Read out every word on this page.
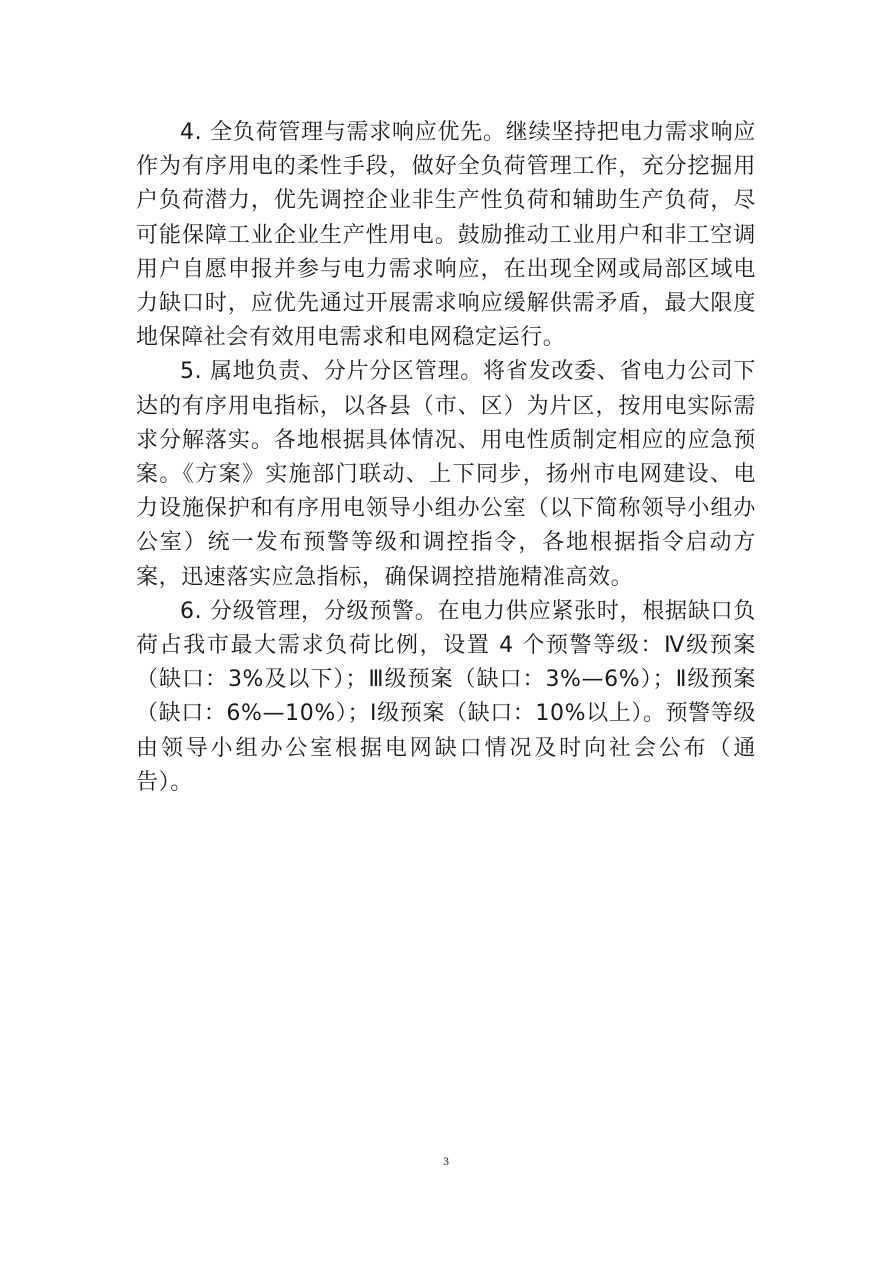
4. 全负荷管理与需求响应优先。继续坚持把电力需求响应作为有序用电的柔性手段，做好全负荷管理工作，充分挖掘用户负荷潜力，优先调控企业非生产性负荷和辅助生产负荷，尽可能保障工业企业生产性用电。鼓励推动工业用户和非工空调用户自愿申报并参与电力需求响应，在出现全网或局部区域电力缺口时，应优先通过开展需求响应缓解供需矛盾，最大限度地保障社会有效用电需求和电网稳定运行。

5. 属地负责、分片分区管理。将省发改委、省电力公司下达的有序用电指标，以各县（市、区）为片区，按用电实际需求分解落实。各地根据具体情况、用电性质制定相应的应急预案。《方案》实施部门联动、上下同步，扬州市电网建设、电力设施保护和有序用电领导小组办公室（以下简称领导小组办公室）统一发布预警等级和调控指令，各地根据指令启动方案，迅速落实应急指标，确保调控措施精准高效。

6. 分级管理，分级预警。在电力供应紧张时，根据缺口负荷占我市最大需求负荷比例，设置 4 个预警等级：Ⅳ级预案（缺口：3%及以下）；Ⅲ级预案（缺口：3%—6%）；Ⅱ级预案（缺口：6%—10%）；Ⅰ级预案（缺口：10%以上）。预警等级由领导小组办公室根据电网缺口情况及时向社会公布（通告）。

3
